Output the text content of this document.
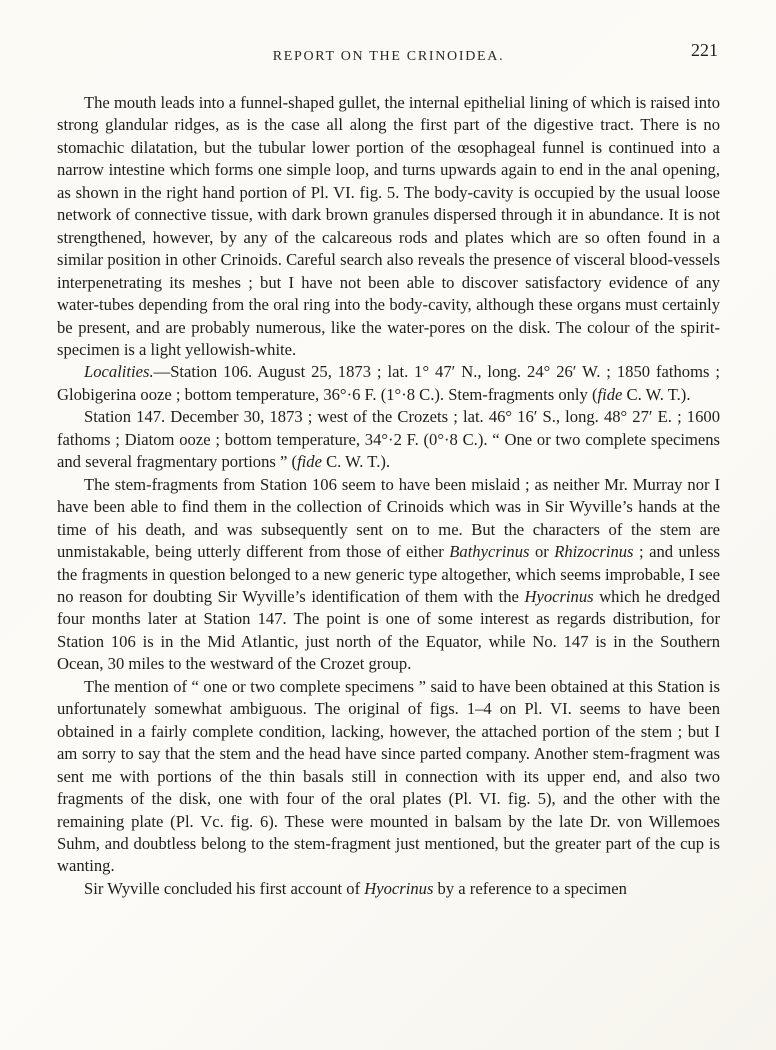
REPORT ON THE CRINOIDEA.	221

The mouth leads into a funnel-shaped gullet, the internal epithelial lining of which is raised into strong glandular ridges, as is the case all along the first part of the digestive tract. There is no stomachic dilatation, but the tubular lower portion of the œsophageal funnel is continued into a narrow intestine which forms one simple loop, and turns upwards again to end in the anal opening, as shown in the right hand portion of Pl. VI. fig. 5. The body-cavity is occupied by the usual loose network of connective tissue, with dark brown granules dispersed through it in abundance. It is not strengthened, however, by any of the calcareous rods and plates which are so often found in a similar position in other Crinoids. Careful search also reveals the presence of visceral blood-vessels interpenetrating its meshes ; but I have not been able to discover satisfactory evidence of any water-tubes depending from the oral ring into the body-cavity, although these organs must certainly be present, and are probably numerous, like the water-pores on the disk. The colour of the spirit-specimen is a light yellowish-white.

Localities.—Station 106. August 25, 1873 ; lat. 1° 47′ N., long. 24° 26′ W. ; 1850 fathoms ; Globigerina ooze ; bottom temperature, 36°·6 F. (1°·8 C.). Stem-fragments only (fide C. W. T.).

Station 147. December 30, 1873 ; west of the Crozets ; lat. 46° 16′ S., long. 48° 27′ E. ; 1600 fathoms ; Diatom ooze ; bottom temperature, 34°·2 F. (0°·8 C.). “ One or two complete specimens and several fragmentary portions ” (fide C. W. T.).

The stem-fragments from Station 106 seem to have been mislaid ; as neither Mr. Murray nor I have been able to find them in the collection of Crinoids which was in Sir Wyville’s hands at the time of his death, and was subsequently sent on to me. But the characters of the stem are unmistakable, being utterly different from those of either Bathycrinus or Rhizocrinus ; and unless the fragments in question belonged to a new generic type altogether, which seems improbable, I see no reason for doubting Sir Wyville’s identification of them with the Hyocrinus which he dredged four months later at Station 147. The point is one of some interest as regards distribution, for Station 106 is in the Mid Atlantic, just north of the Equator, while No. 147 is in the Southern Ocean, 30 miles to the westward of the Crozet group.

The mention of “ one or two complete specimens ” said to have been obtained at this Station is unfortunately somewhat ambiguous. The original of figs. 1–4 on Pl. VI. seems to have been obtained in a fairly complete condition, lacking, however, the attached portion of the stem ; but I am sorry to say that the stem and the head have since parted company. Another stem-fragment was sent me with portions of the thin basals still in connection with its upper end, and also two fragments of the disk, one with four of the oral plates (Pl. VI. fig. 5), and the other with the remaining plate (Pl. Vc. fig. 6). These were mounted in balsam by the late Dr. von Willemoes Suhm, and doubtless belong to the stem-fragment just mentioned, but the greater part of the cup is wanting.

Sir Wyville concluded his first account of Hyocrinus by a reference to a specimen
